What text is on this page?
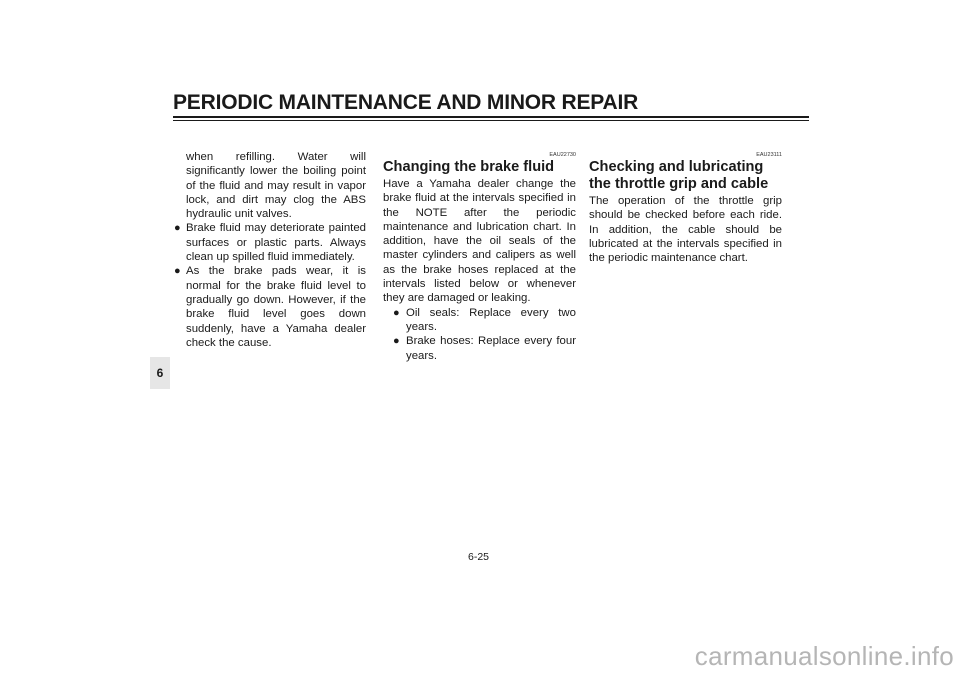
PERIODIC MAINTENANCE AND MINOR REPAIR
6
when refilling. Water will significantly lower the boiling point of the fluid and may result in vapor lock, and dirt may clog the ABS hydraulic unit valves.
● Brake fluid may deteriorate painted surfaces or plastic parts. Always clean up spilled fluid immediately.
● As the brake pads wear, it is normal for the brake fluid level to gradually go down. However, if the brake fluid level goes down suddenly, have a Yamaha dealer check the cause.
EAU22730
Changing the brake fluid
Have a Yamaha dealer change the brake fluid at the intervals specified in the NOTE after the periodic maintenance and lubrication chart. In addition, have the oil seals of the master cylinders and calipers as well as the brake hoses replaced at the intervals listed below or whenever they are damaged or leaking.
● Oil seals: Replace every two years.
● Brake hoses: Replace every four years.
EAU23111
Checking and lubricating the throttle grip and cable
The operation of the throttle grip should be checked before each ride. In addition, the cable should be lubricated at the intervals specified in the periodic maintenance chart.
6-25
carmanualsonline.info
